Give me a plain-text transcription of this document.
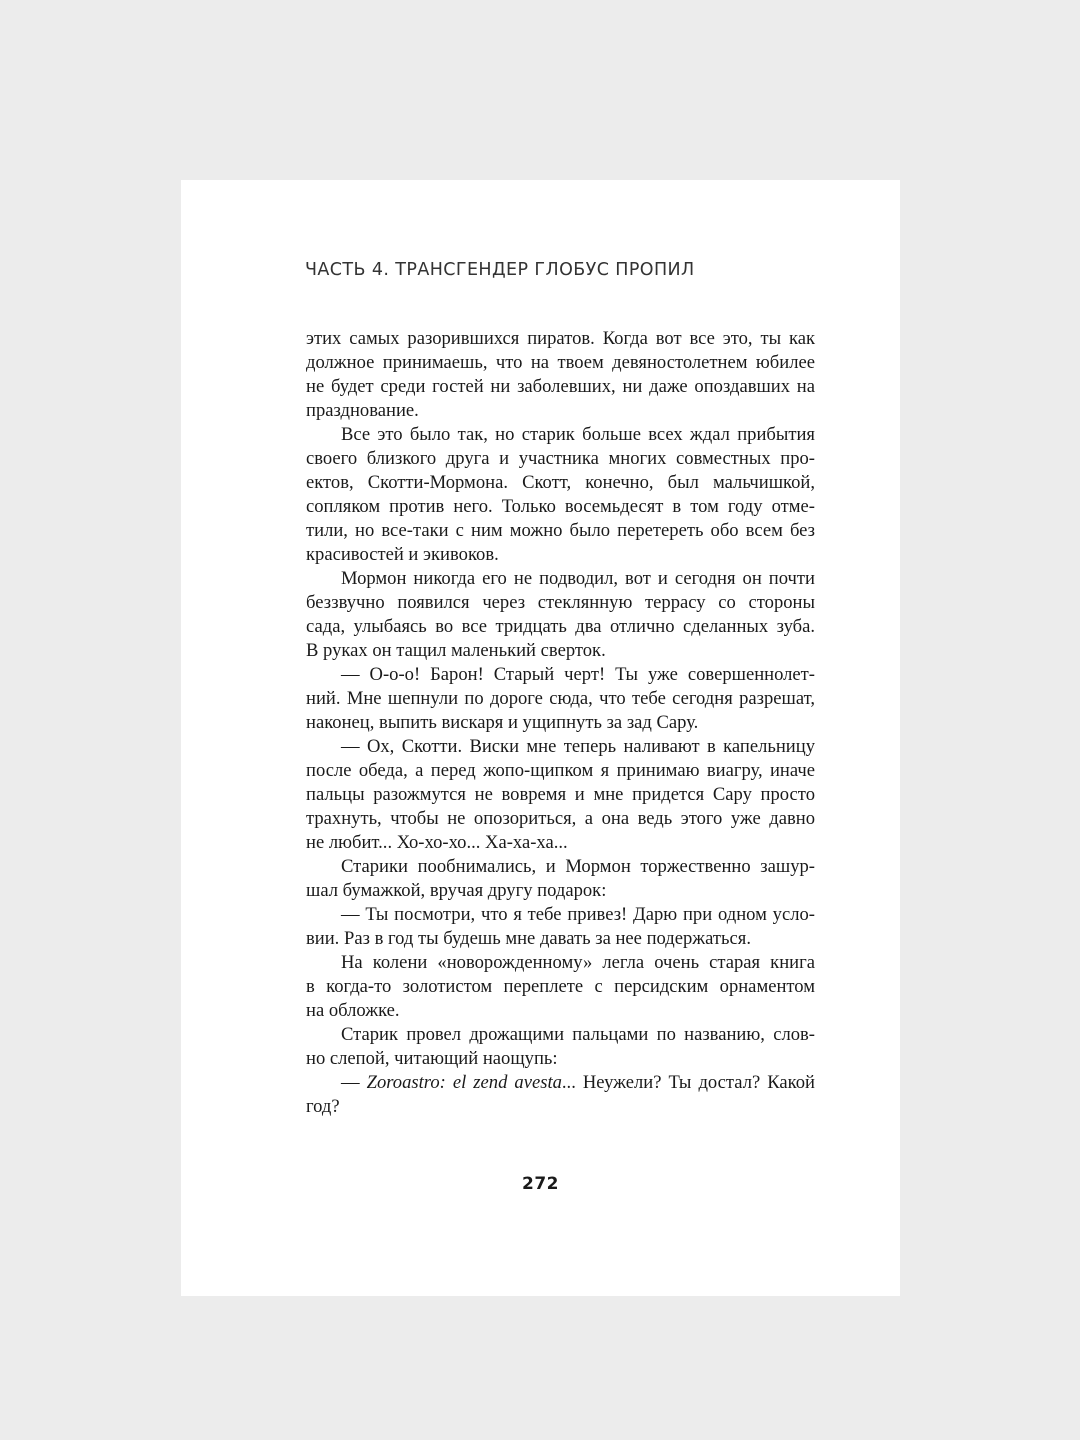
ЧАСТЬ 4. ТРАНСГЕНДЕР ГЛОБУС ПРОПИЛ
этих самых разорившихся пиратов. Когда вот все это, ты как
должное принимаешь, что на твоем девяностолетнем юбилее
не будет среди гостей ни заболевших, ни даже опоздавших на
празднование.
Все это было так, но старик больше всех ждал прибытия
своего близкого друга и участника многих совместных про-
ектов, Скотти-Мормона. Скотт, конечно, был мальчишкой,
сопляком против него. Только восемьдесят в том году отме-
тили, но все-таки с ним можно было перетереть обо всем без
красивостей и экивоков.
Мормон никогда его не подводил, вот и сегодня он почти
беззвучно появился через стеклянную террасу со стороны
сада, улыбаясь во все тридцать два отлично сделанных зуба.
В руках он тащил маленький сверток.
— О-о-о! Барон! Старый черт! Ты уже совершеннолет-
ний. Мне шепнули по дороге сюда, что тебе сегодня разрешат,
наконец, выпить вискаря и ущипнуть за зад Сару.
— Ох, Скотти. Виски мне теперь наливают в капельницу
после обеда, а перед жопо-щипком я принимаю виагру, иначе
пальцы разожмутся не вовремя и мне придется Сару просто
трахнуть, чтобы не опозориться, а она ведь этого уже давно
не любит... Хо-хо-хо... Ха-ха-ха...
Старики пообнимались, и Мормон торжественно зашур-
шал бумажкой, вручая другу подарок:
— Ты посмотри, что я тебе привез! Дарю при одном усло-
вии. Раз в год ты будешь мне давать за нее подержаться.
На колени «новорожденному» легла очень старая книга
в когда-то золотистом переплете с персидским орнаментом
на обложке.
Старик провел дрожащими пальцами по названию, слов-
но слепой, читающий наощупь:
— Zoroastro: el zend avesta... Неужели? Ты достал? Какой
год?
272
